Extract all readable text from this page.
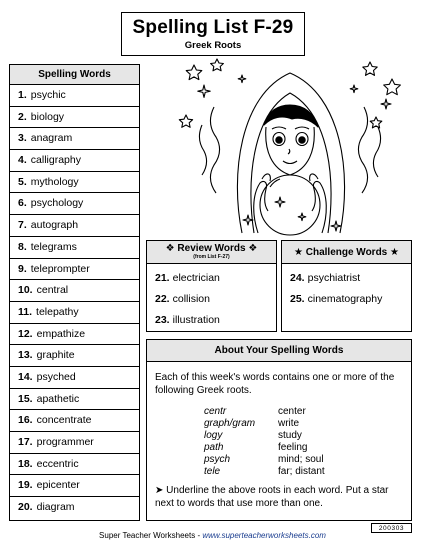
Spelling List F-29
Greek Roots
Spelling Words
1. psychic
2. biology
3. anagram
4. calligraphy
5. mythology
6. psychology
7. autograph
8. telegrams
9. teleprompter
10. central
11. telepathy
12. empathize
13. graphite
14. psyched
15. apathetic
16. concentrate
17. programmer
18. eccentric
19. epicenter
20. diagram
❖ Review Words ❖
(from List F-27)
21. electrician
22. collision
23. illustration
★ Challenge Words ★
24. psychiatrist
25. cinematography
About Your Spelling Words

Each of this week's words contains one or more of the following Greek roots.

centr	center
graph/gram	write
logy	study
path	feeling
psych	mind; soul
tele	far; distant

➤ Underline the above roots in each word. Put a star next to words that use more than one.

200303
Super Teacher Worksheets - www.superteacherworksheets.com
